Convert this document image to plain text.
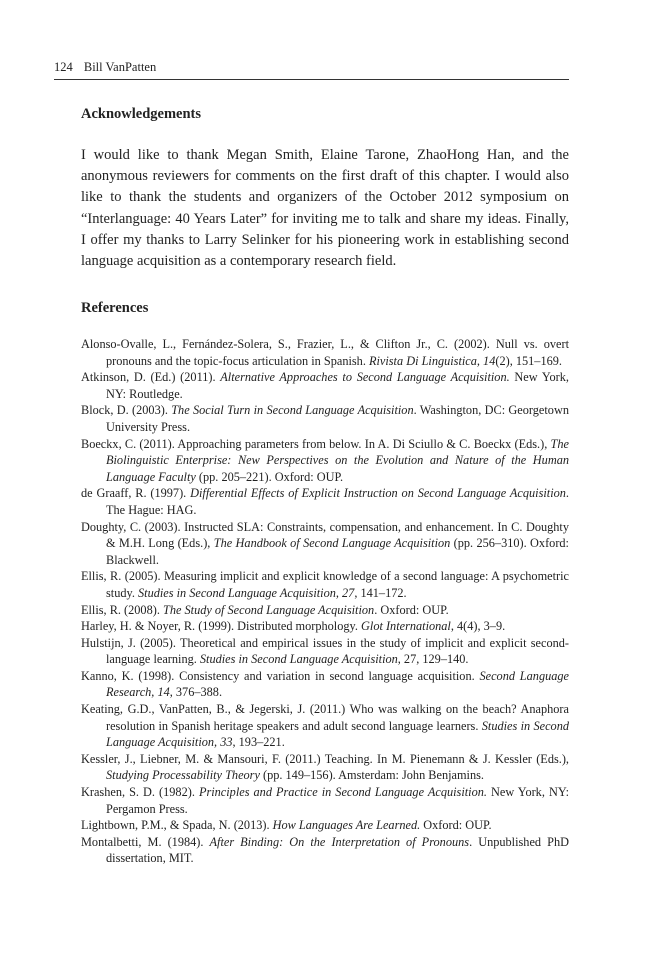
124 Bill VanPatten
Acknowledgements
I would like to thank Megan Smith, Elaine Tarone, ZhaoHong Han, and the anonymous reviewers for comments on the first draft of this chapter. I would also like to thank the students and organizers of the October 2012 symposium on “Interlanguage: 40 Years Later” for inviting me to talk and share my ideas. Finally, I offer my thanks to Larry Selinker for his pioneering work in establishing second language acquisition as a contemporary research field.
References

Alonso-Ovalle, L., Fernández-Solera, S., Frazier, L., & Clifton Jr., C. (2002). Null vs. overt pronouns and the topic-focus articulation in Spanish. Rivista Di Linguistica, 14(2), 151–169.

Atkinson, D. (Ed.) (2011). Alternative Approaches to Second Language Acquisition. New York, NY: Routledge.

Block, D. (2003). The Social Turn in Second Language Acquisition. Washington, DC: Georgetown University Press.

Boeckx, C. (2011). Approaching parameters from below. In A. Di Sciullo & C. Boeckx (Eds.), The Biolinguistic Enterprise: New Perspectives on the Evolution and Nature of the Human Language Faculty (pp. 205–221). Oxford: OUP.

de Graaff, R. (1997). Differential Effects of Explicit Instruction on Second Language Acquisition. The Hague: HAG.

Doughty, C. (2003). Instructed SLA: Constraints, compensation, and enhancement. In C. Doughty & M.H. Long (Eds.), The Handbook of Second Language Acquisition (pp. 256–310). Oxford: Blackwell.

Ellis, R. (2005). Measuring implicit and explicit knowledge of a second language: A psychometric study. Studies in Second Language Acquisition, 27, 141–172.

Ellis, R. (2008). The Study of Second Language Acquisition. Oxford: OUP.

Harley, H. & Noyer, R. (1999). Distributed morphology. Glot International, 4(4), 3–9.

Hulstijn, J. (2005). Theoretical and empirical issues in the study of implicit and explicit second-language learning. Studies in Second Language Acquisition, 27, 129–140.

Kanno, K. (1998). Consistency and variation in second language acquisition. Second Language Research, 14, 376–388.

Keating, G.D., VanPatten, B., & Jegerski, J. (2011.) Who was walking on the beach? Anaphora resolution in Spanish heritage speakers and adult second language learners. Studies in Second Language Acquisition, 33, 193–221.

Kessler, J., Liebner, M. & Mansouri, F. (2011.) Teaching. In M. Pienemann & J. Kessler (Eds.), Studying Processability Theory (pp. 149–156). Amsterdam: John Benjamins.

Krashen, S. D. (1982). Principles and Practice in Second Language Acquisition. New York, NY: Pergamon Press.

Lightbown, P.M., & Spada, N. (2013). How Languages Are Learned. Oxford: OUP.

Montalbetti, M. (1984). After Binding: On the Interpretation of Pronouns. Unpublished PhD dissertation, MIT.
